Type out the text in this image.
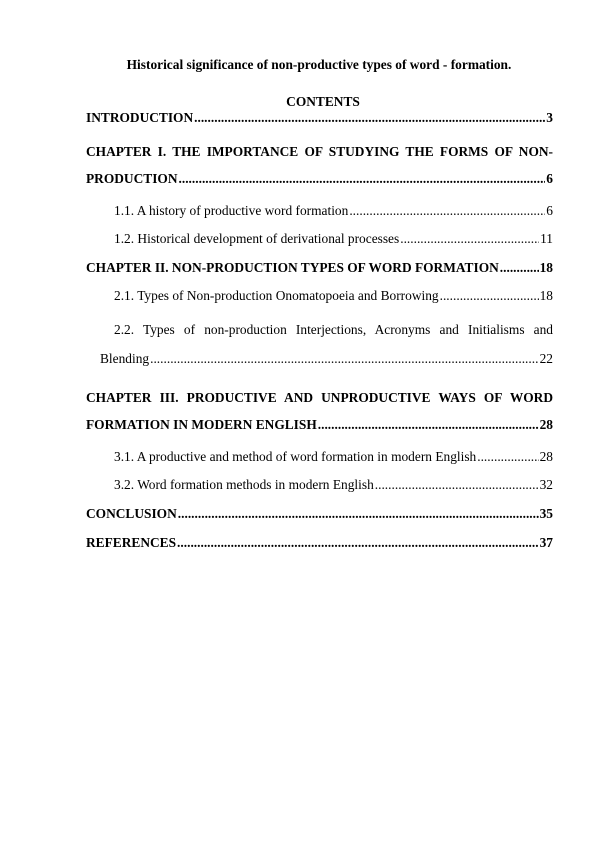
Historical significance of non-productive types of word - formation.
CONTENTS
INTRODUCTION .....	3
CHAPTER I. THE IMPORTANCE OF STUDYING THE FORMS OF NON-
PRODUCTION .....	6
1.1. A history of productive word formation .....	6
1.2. Historical development of derivational processes .....	11
CHAPTER II. NON-PRODUCTION TYPES OF WORD FORMATION .....	18
2.1. Types of Non-production Onomatopoeia and Borrowing .....	18
2.2. Types of non-production Interjections, Acronyms and Initialisms and
Blending .....	22
CHAPTER III. PRODUCTIVE AND UNPRODUCTIVE WAYS OF WORD
FORMATION IN MODERN ENGLISH .....	28
3.1. A productive and method of word formation in modern English .....	28
3.2. Word formation methods in modern English .....	32
CONCLUSION .....	35
REFERENCES .....	37
